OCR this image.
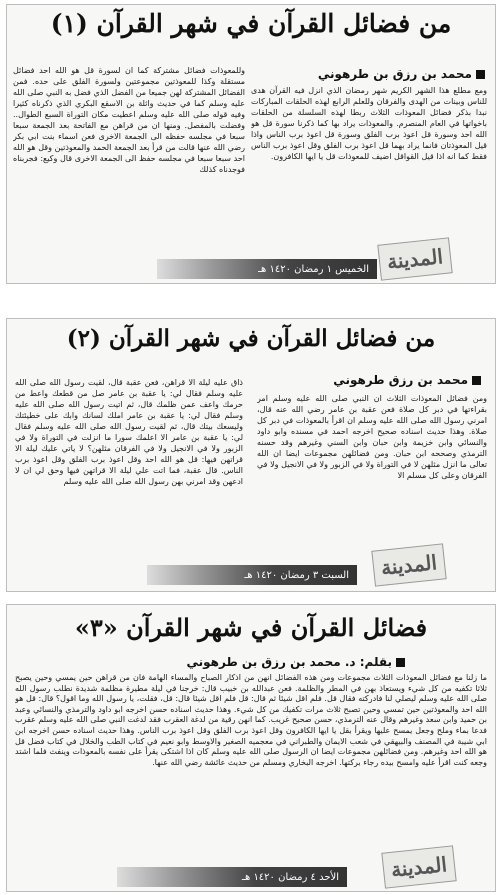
من فضائل القرآن في شهر القرآن (١)
محمد بن رزق بن طرهوني
ومع مطلع هذا الشهر الكريم شهر رمضان الذي انزل فيه القرآن هدى للناس وبينات من الهدى والفرقان وللعلم الرابع لهذه الحلقات المباركات نبدا بذكر فضائل المعوذات الثلاث ربطا لهذه السلسلة من الحلقات باخواتها في العام المنصرم. والمعوذات يراد بها كما ذكرنا سورة قل هو الله احد وسورة قل اعوذ برب الفلق وسورة قل اعوذ برب الناس واذا قيل المعوذتان فانما يراد بهما قل اعوذ برب الفلق وقل اعوذ برب الناس فقط كما انه اذا قيل القواقل اضيف للمعوذات قل يا ايها الكافرون.
وللمعوذات فضائل مشتركة كما ان لسورة قل هو الله احد فضائل مستقلة وكذا للمعوذتين مجموعتين ولسورة الفلق على حده. فمن الفضائل المشتركة لهن جميعا من الفضل الذي فضل به النبي صلى الله عليه وسلم كما في حديث واثلة بن الاسقع البكري الذي ذكرناه كثيرا وفيه قوله صلى الله عليه وسلم اعطيت مكان التوراة السبع الطوال.. وفضلت بالمفصل. ومنها ان من قراهن مع الفاتحة بعد الجمعة سبعا سبعا في مجلسه حفظه الى الجمعة الاخرى فعن اسماء بنت ابي بكر رضي الله عنها قالت من قرأ بعد الجمعة الحمد والمعوذتين وقل هو الله احد سبعا سبعا في مجلسه حفظ الى الجمعة الاخرى قال وكيع: فجربناه فوجدناه كذلك
الخميس ١ رمضان ١٤٢٠ هـ المدينة
من فضائل القرآن في شهر القرآن (٢)
محمد بن رزق طرهوني
ومن فضائل المعوذات الثلاث ان النبي صلى الله عليه وسلم امر بقراءتها في دبر كل صلاة فعن عقبة بن عامر رضي الله عنه قال، امرني رسول الله صلى الله عليه وسلم ان اقرأ بالمعوذات في دبر كل صلاة. وهذا حديث اسناده صحيح اخرجه احمد في مسنده وابو داود والنسائي وابن خزيمة وابن حبان وابن السني وغيرهم وقد حسنه الترمذي وصححه ابن حبان. ومن فضائلهن مجموعات ايضا ان الله تعالى ما انزل مثلهن لا في التوراة ولا في الزبور ولا في الانجيل ولا في الفرقان وعلى كل مسلم الا
ذاق عليه ليلة الا قراهن، فعن عقبة قال، لقيت رسول الله صلى الله عليه وسلم فقال لي: يا عقبة بن عامر صل من قطعك واعط من حرمك واعف عمن ظلمك قال، ثم اتيت رسول الله صلى الله عليه وسلم فقال لي: يا عقبة بن عامر املك لسانك وابك على خطيئتك وليسعك بيتك قال، ثم لقيت رسول الله صلى الله عليه وسلم فقال لي: يا عقبة بن عامر الا اعلمك سورا ما انزلت في التوراة ولا في الزبور ولا في الانجيل ولا في الفرقان مثلهن؟ لا ياتي عليك ليلة الا قراتهن فيها: قل هو الله احد وقل اعوذ برب الفلق وقل اعوذ برب الناس. قال عقبة، فما اتت علي ليلة الا قراتهن فيها وحق لي ان لا ادعهن وقد امرني بهن رسول الله صلى الله عليه وسلم
السبت ٣ رمضان ١٤٢٠ هـ	المدينة
فضائل القرآن في شهر القرآن «٣»
بقلم: د. محمد بن رزق بن طرهوني
ما زلنا مع فضائل المعوذات الثلاث مجموعات ومن هذه الفضائل انهن من اذكار الصباح والمساء الهامة فان من قراهن حين يمسي وحين يصبح ثلاثا تكفيه من كل شيء ويستعاذ بهن في المطر والظلمة. فعن عبدالله بن خبيب قال: خرجنا في ليلة مطيرة مظلمة شديدة نطلب رسول الله صلى الله عليه وسلم ليصلي لنا فادركته فقال قل. فلم اقل شيئا ثم قال: قل فلم اقل شيئا قال: قل، فقلت، يا رسول الله وما اقول؟ قال: قل هو الله احد والمعوذتين حين تمسي وحين تصبح ثلاث مرات تكفيك من كل شيء. وهذا حديث اسناده حسن اخرجه ابو داود والترمذي والنسائي وعبد بن حميد وابن سعد وغيرهم وقال عنه الترمذي، حسن صحيح غريب. كما انهن رقية من لدغة العقرب فقد لدغت النبي صلى الله عليه وسلم عقرب فدعا بماء وملح وجعل يمسح عليها ويقرأ بقل يا ايها الكافرون وقل اعوذ برب الفلق وقل اعوذ برب الناس. وهذا حديث اسناده حسن اخرجه ابن ابي شيبة في المصنف والبيهقي في شعب الايمان والطبراني في معجميه الصغير والاوسط وابو نعيم في كتاب الطب والخلال في كتاب فضل قل هو الله احد وغيرهم. ومن فضائلهن مجموعات ايضا ان الرسول صلى الله عليه وسلم كان اذا اشتكى يقرأ على نفسه بالمعوذات وينفث فلما اشتد وجعه كنت اقرأ عليه وامسح بيده رجاء بركتها. اخرجه البخاري ومسلم من حديث عائشة رضي الله عنها.
الأحد ٤ رمضان ١٤٢٠ هـ	المدينة
